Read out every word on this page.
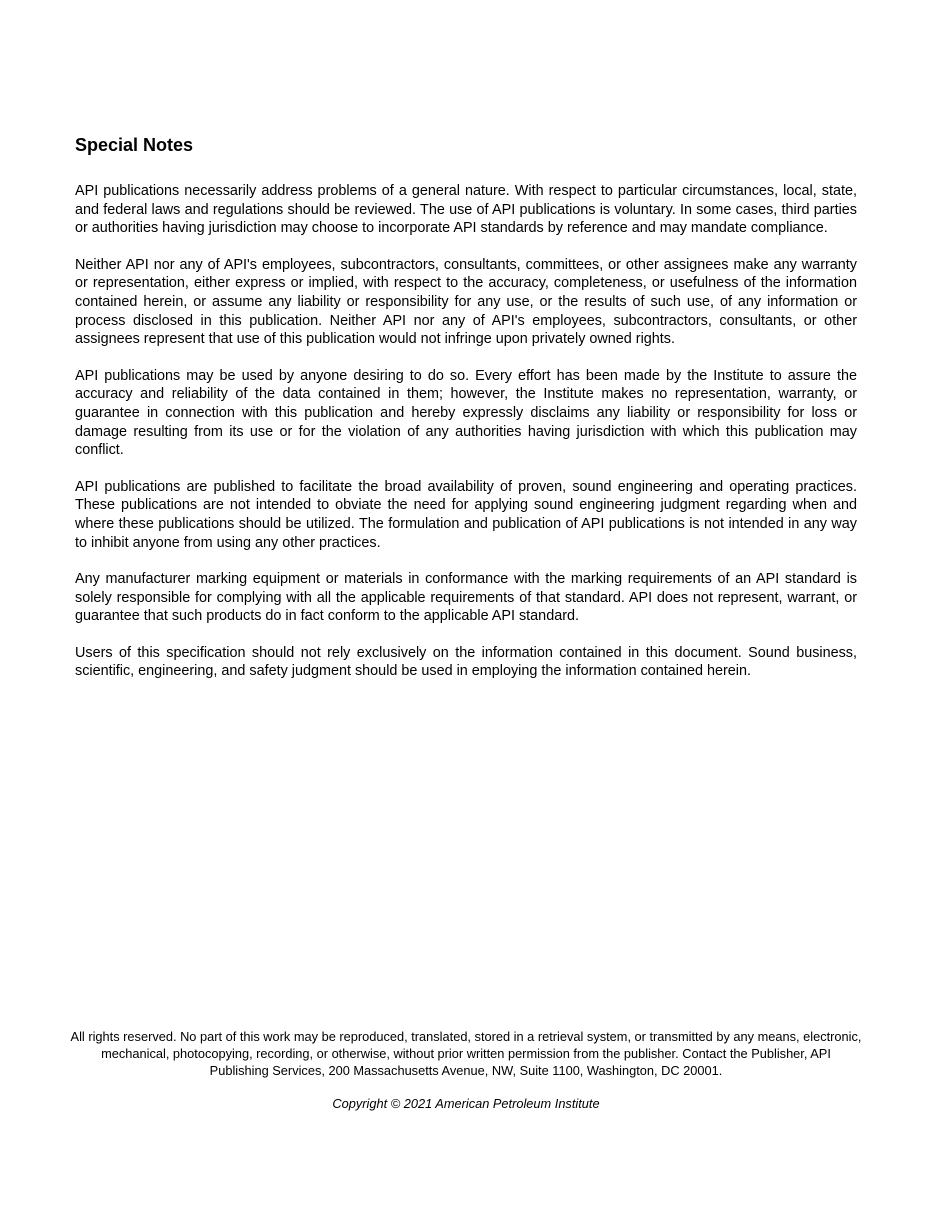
Special Notes

API publications necessarily address problems of a general nature. With respect to particular circumstances, local, state, and federal laws and regulations should be reviewed. The use of API publications is voluntary. In some cases, third parties or authorities having jurisdiction may choose to incorporate API standards by reference and may mandate compliance.

Neither API nor any of API's employees, subcontractors, consultants, committees, or other assignees make any warranty or representation, either express or implied, with respect to the accuracy, completeness, or usefulness of the information contained herein, or assume any liability or responsibility for any use, or the results of such use, of any information or process disclosed in this publication. Neither API nor any of API's employees, subcontractors, consultants, or other assignees represent that use of this publication would not infringe upon privately owned rights.

API publications may be used by anyone desiring to do so. Every effort has been made by the Institute to assure the accuracy and reliability of the data contained in them; however, the Institute makes no representation, warranty, or guarantee in connection with this publication and hereby expressly disclaims any liability or responsibility for loss or damage resulting from its use or for the violation of any authorities having jurisdiction with which this publication may conflict.

API publications are published to facilitate the broad availability of proven, sound engineering and operating practices. These publications are not intended to obviate the need for applying sound engineering judgment regarding when and where these publications should be utilized. The formulation and publication of API publications is not intended in any way to inhibit anyone from using any other practices.

Any manufacturer marking equipment or materials in conformance with the marking requirements of an API standard is solely responsible for complying with all the applicable requirements of that standard. API does not represent, warrant, or guarantee that such products do in fact conform to the applicable API standard.

Users of this specification should not rely exclusively on the information contained in this document. Sound business, scientific, engineering, and safety judgment should be used in employing the information contained herein.

All rights reserved. No part of this work may be reproduced, translated, stored in a retrieval system, or transmitted by any means, electronic, mechanical, photocopying, recording, or otherwise, without prior written permission from the publisher. Contact the Publisher, API Publishing Services, 200 Massachusetts Avenue, NW, Suite 1100, Washington, DC 20001.

Copyright © 2021 American Petroleum Institute
